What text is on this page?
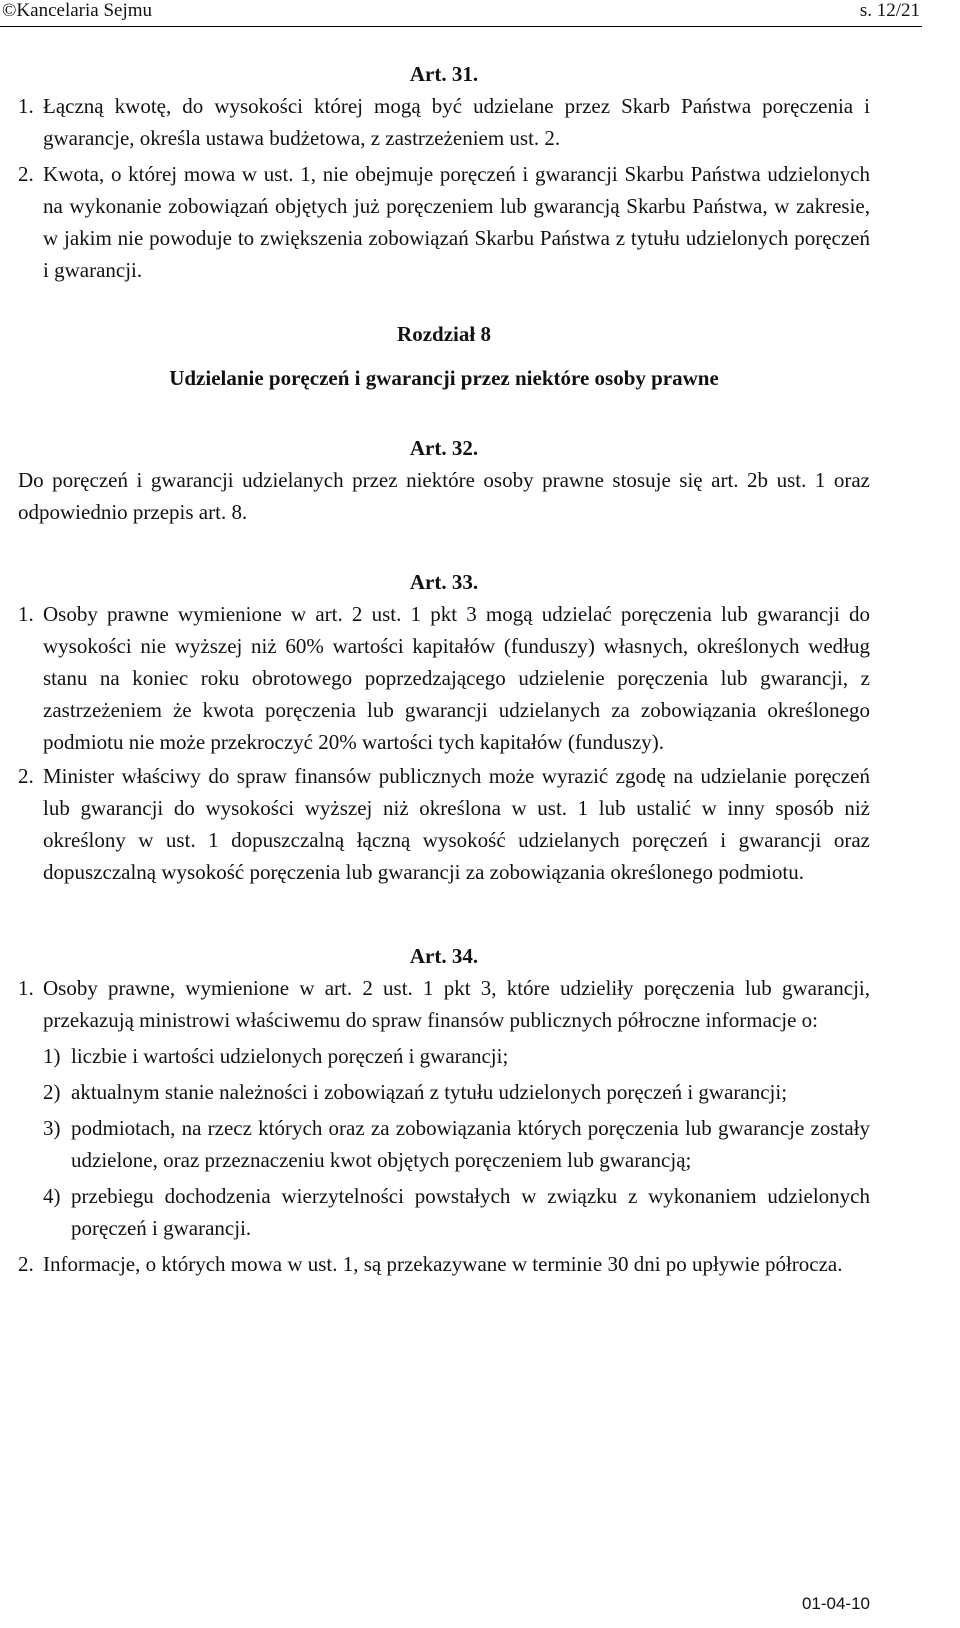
©Kancelaria Sejmu	s. 12/21

Art. 31.

1. Łączną kwotę, do wysokości której mogą być udzielane przez Skarb Państwa poręczenia i gwarancje, określa ustawa budżetowa, z zastrzeżeniem ust. 2.
2. Kwota, o której mowa w ust. 1, nie obejmuje poręczeń i gwarancji Skarbu Państwa udzielonych na wykonanie zobowiązań objętych już poręczeniem lub gwarancją Skarbu Państwa, w zakresie, w jakim nie powoduje to zwiększenia zobowiązań Skarbu Państwa z tytułu udzielonych poręczeń i gwarancji.

Rozdział 8

Udzielanie poręczeń i gwarancji przez niektóre osoby prawne

Art. 32.

Do poręczeń i gwarancji udzielanych przez niektóre osoby prawne stosuje się art. 2b ust. 1 oraz odpowiednio przepis art. 8.

Art. 33.

1. Osoby prawne wymienione w art. 2 ust. 1 pkt 3 mogą udzielać poręczenia lub gwarancji do wysokości nie wyższej niż 60% wartości kapitałów (funduszy) własnych, określonych według stanu na koniec roku obrotowego poprzedzającego udzielenie poręczenia lub gwarancji, z zastrzeżeniem że kwota poręczenia lub gwarancji udzielanych za zobowiązania określonego podmiotu nie może przekroczyć 20% wartości tych kapitałów (funduszy).
2. Minister właściwy do spraw finansów publicznych może wyrazić zgodę na udzielanie poręczeń lub gwarancji do wysokości wyższej niż określona w ust. 1 lub ustalić w inny sposób niż określony w ust. 1 dopuszczalną łączną wysokość udzielanych poręczeń i gwarancji oraz dopuszczalną wysokość poręczenia lub gwarancji za zobowiązania określonego podmiotu.

Art. 34.

1. Osoby prawne, wymienione w art. 2 ust. 1 pkt 3, które udzieliły poręczenia lub gwarancji, przekazują ministrowi właściwemu do spraw finansów publicznych półroczne informacje o:
1) liczbie i wartości udzielonych poręczeń i gwarancji;
2) aktualnym stanie należności i zobowiązań z tytułu udzielonych poręczeń i gwarancji;
3) podmiotach, na rzecz których oraz za zobowiązania których poręczenia lub gwarancje zostały udzielone, oraz przeznaczeniu kwot objętych poręczeniem lub gwarancją;
4) przebiegu dochodzenia wierzytelności powstałych w związku z wykonaniem udzielonych poręczeń i gwarancji.
2. Informacje, o których mowa w ust. 1, są przekazywane w terminie 30 dni po upływie półrocza.
01-04-10
